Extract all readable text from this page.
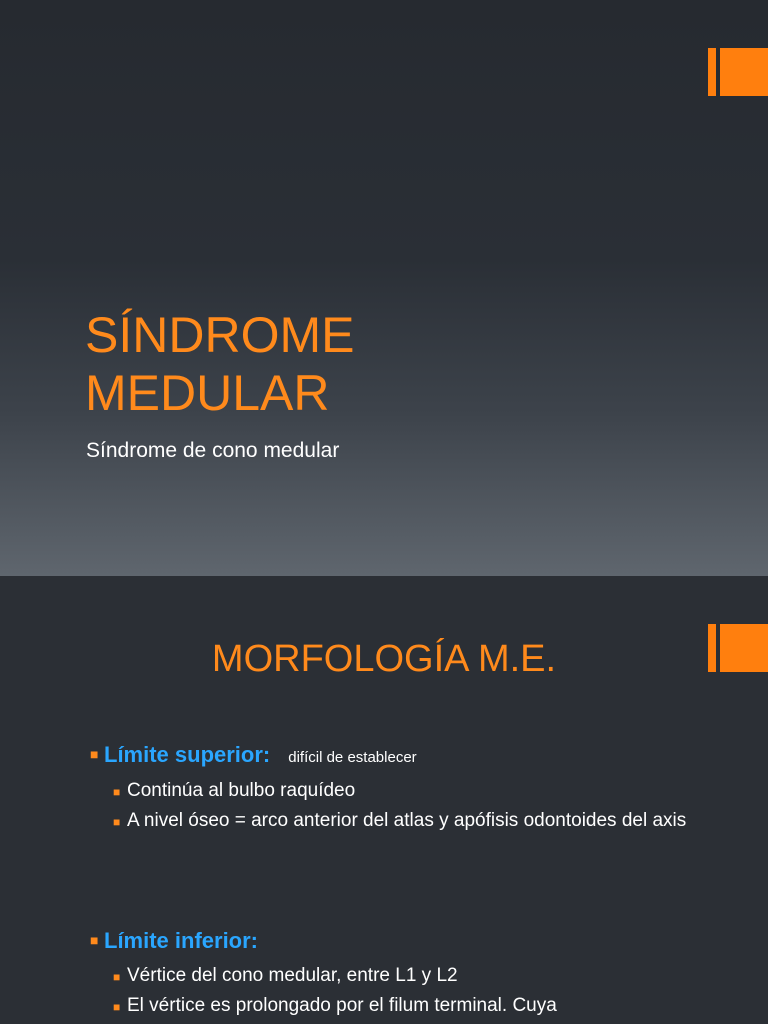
SÍNDROME
MEDULAR
Síndrome de cono medular
MORFOLOGÍA M.E.
■ Límite superior: difícil de establecer
■ Continúa al bulbo raquídeo
■ A nivel óseo = arco anterior del atlas y apófisis odontoides del axis
■ Límite inferior:
■ Vértice del cono medular, entre L1 y L2
■ El vértice es prolongado por el filum terminal. Cuya
